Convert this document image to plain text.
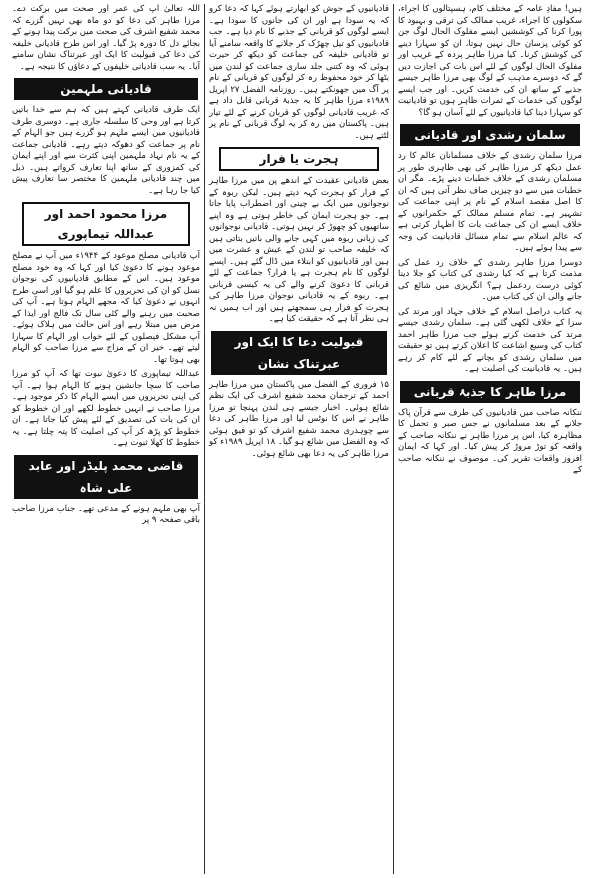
ہیں! مفادِ عامہ کے مختلف کام، ہسپتالوں کا اجراء، سکولوں کا اجراء، غریب ممالک کی ترقی و بہبود کا پورا کرنا کی کوششیں ایسے مفلوک الحال لوگ جن کو کوئی پرسان حال نہیں ہوتا، ان کو سہارا دینے کی کوشش کرنا۔ کیا مرزا طاہر پردہ کے غریب اور مفلوک الحال لوگوں کے لئے اس بات کی اجازت دیں گے کہ دوسرے مذہب کے لوگ بھی مرزا طاہر جیسے جذبے کے ساتھ ان کی خدمت کریں۔ اور جب ایسے لوگوں کی خدمات کے ثمرات ظاہر ہوں تو قادیانیت کو سہارا دینا کیا قادیانیوں کے لئے آسان ہو گا؟

سلمان رشدی اور قادیانی

مرزا سلمان رشدی کے خلاف مسلمانان عالم کا رد عمل دیکھ کر مرزا طاہر کی بھی ظاہری طور پر مسلمان رشدی کے خلاف خطبات دینے پڑے۔ مگر ان خطبات میں سے دو چیزیں صاف نظر آتی ہیں کہ ان کا اصل مقصد اسلام کے نام پر اپنی جماعت کی تشہیر ہے۔ تمام مسلم ممالک کے حکمرانوں کے خلاف ایسے ان کی جماعت بات کا اظہار کرتی ہے کہ عالم اسلام سے تمام مسائل قادیانیت کی وجہ سے پیدا ہوئے ہیں۔

دوسرا مرزا طاہر رشدی کے خلاف رد عمل کی مذمت کرتا ہے کہ کیا رشدی کی کتاب کو جلا دینا کوئی درست ردعمل ہے؟ انگریزی میں شائع کی جانے والی ان کی کتاب میں۔

یہ کتاب دراصل اسلام کے خلاف جہاد اور مرتد کی سزا کے خلاف لکھی گئی ہے۔ سلمان رشدی جیسے مرتد کی خدمت کرتے ہوئے جب مرزا طاہر احمد کتاب کی وسیع اشاعت کا اعلان کرتے ہیں تو حقیقت میں سلمان رشدی کو بچانے کے لئے کام کر رہے ہیں۔ یہ قادیانیت کی اصلیت ہے۔

مرزا طاہر کا جذبۂ قربانی

ننکانہ صاحب میں قادیانیوں کی طرف سے قرآن پاک جلانے کے بعد مسلمانوں نے جس صبر و تحمل کا مظاہرہ کیا، اس پر مرزا طاہر نے ننکانہ صاحب کے واقعہ کو توڑ مروڑ کر پیش کیا۔ اور کہا کہ ایمان افروز واقعات تقریر کی۔ موصوف نے ننکانہ صاحب کے

قادیانیوں کے جوش کو ابھارتے ہوئے کہا کہ دعا کرو کہ یہ سودا ہے اور ان کی جانوں کا سودا ہے۔ ایسے لوگوں کو قربانی کے جذبے کا نام دیا ہے۔ جب قادیانیوں کو تیل چھڑک کر جلانے کا واقعہ سامنے آیا تو قادیانی خلیفہ کی جماعت کو دیکھ کر حیرت ہوئی کہ وہ کتنی جلد ساری جماعت کو لندن میں بٹھا کر خود محفوظ رہ کر لوگوں کو قربانی کے نام پر آگ میں جھونکتے ہیں۔ روزنامہ الفضل ۲۷ اپریل ۱۹۸۹ء مرزا طاہر کا یہ جذبۂ قربانی قابل داد ہے کہ غریب قادیانی لوگوں کو قربان کرنے کے لئے تیار ہیں۔ پاکستان میں رہ کر یہ لوگ قربانی کے نام پر لٹتے ہیں۔

ہجرت یا فرار

بعض قادیانی عقیدت کے اندھے پن میں مرزا طاہر کے فرار کو ہجرت کہہ دیتے ہیں۔ لیکن ربوہ کے نوجوانوں میں ایک بے چینی اور اضطراب پایا جاتا ہے۔ جو ہجرت ایمان کی خاطر ہوتی ہے وہ اپنے ساتھیوں کو چھوڑ کر نہیں ہوتی۔ قادیانی نوجوانوں کی زبانی ربوہ میں کہی جانے والی باتیں بتاتی ہیں کہ خلیفہ صاحب تو لندن کے عیش و عشرت میں ہیں اور قادیانیوں کو ابتلاء میں ڈال گئے ہیں۔ ایسے لوگوں کا نام ہجرت ہے یا فرار؟ جماعت کے لئے قربانی کا دعویٰ کرنے والے کی یہ کیسی قربانی ہے۔ ربوہ کے یہ قادیانی نوجوان مرزا طاہر کی ہجرت کو فرار ہی سمجھتے ہیں اور اب ہمیں نہ ہی نظر آتا ہے کہ حقیقت کیا ہے۔

قبولیت دعا کا ایک اور عبرتناک نشان

۱۵ فروری کے الفضل میں پاکستان میں مرزا طاہر احمد کے ترجمان محمد شفیع اشرف کی ایک نظم شائع ہوئی۔ اخبار جیسے ہی لندن پہنچا تو مرزا طاہر نے اس کا نوٹس لیا اور مرزا طاہر کی دعا سے چوہدری محمد شفیع اشرف کو تو فیق ہوئی کہ وہ الفضل میں شائع ہو گیا۔ ۱۸ اپریل ۱۹۸۹ء کو مرزا طاہر کی یہ دعا بھی شائع ہوئی۔

اللہ تعالیٰ آپ کی عمر اور صحت میں برکت دے۔ مرزا طاہر کی دعا کو دو ماہ بھی نہیں گزرے کہ محمد شفیع اشرف کی صحت میں برکت پیدا ہونے کے بجائے دل کا دورہ پڑ گیا۔ اور اس طرح قادیانی خلیفہ کی دعا کی قبولیت کا ایک اور عبرتناک نشان سامنے آیا۔ یہ سب قادیانی خلیفوں کے دعاؤں کا نتیجہ ہے۔

قادیانی ملہمین

ایک طرف قادیانی کہتے ہیں کہ ہم سے خدا باتیں کرتا ہے اور وحی کا سلسلہ جاری ہے۔ دوسری طرف قادیانیوں میں ایسے ملہم ہو گزرے ہیں جو الہام کے نام پر جماعت کو دھوکہ دیتے رہے۔ قادیانی جماعت کے یہ نام نہاد ملہمین اپنی کثرت سے اور اپنے ایمان کی کمزوری کے ساتھ اپنا تعارف کرواتے ہیں۔ ذیل میں چند قادیانی ملہمین کا مختصر سا تعارف پیش کیا جا رہا ہے۔

مرزا محمود احمد اور عبداللہ تیماپوری

آپ قادیانی مصلح موعود کے ۱۹۴۴ء میں آپ نے مصلح موعود ہونے کا دعویٰ کیا اور کہا کہ وہ خود مصلح موعود ہیں۔ اس کے مطابق قادیانیوں کی نوجوان نسل کو ان کی تحریروں کا علم ہو گیا اور اسی طرح انہوں نے دعویٰ کیا کہ مجھے الہام ہوتا ہے۔ آپ کی صحبت میں رہنے والے کئی سال تک فالج اور ایذا کے مرض میں مبتلا رہے اور اس حالت میں ہلاک ہوئے۔ آپ مشکل فیصلوں کے لئے خواب اور الہام کا سہارا لیتے تھے۔ خیر ان کے مزاج سے مرزا صاحب کو الہام بھی ہوتا تھا۔

عبداللہ تیماپوری کا دعویٰ نبوت تھا کہ آپ کو مرزا صاحب کا سچا جانشین ہونے کا الہام ہوا ہے۔ آپ کی اپنی تحریروں میں ایسے الہام کا ذکر موجود ہے۔ مرزا صاحب نے انہیں خطوط لکھے اور ان خطوط کو ان کی بات کی تصدیق کے لئے پیش کیا جاتا ہے۔ ان خطوط کو پڑھ کر آپ کی اصلیت کا پتہ چلتا ہے۔ یہ خطوط کا کھلا ثبوت ہے۔

قاضی محمد پلیڈر اور عابد علی شاہ

آپ بھی ملہم ہونے کے مدعی تھے۔ جناب مرزا صاحب باقی صفحہ ۹ پر
